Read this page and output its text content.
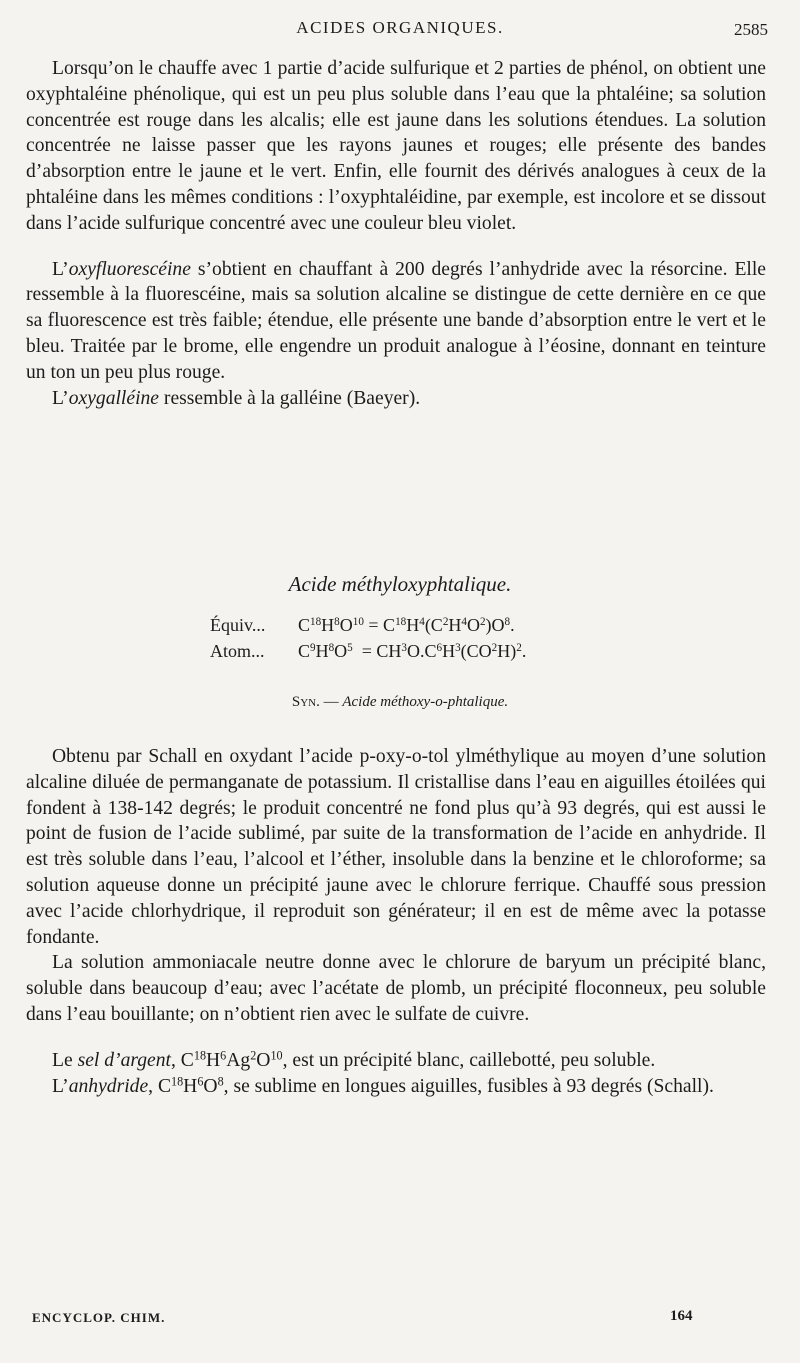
ACIDES ORGANIQUES.	2585

Lorsqu’on le chauffe avec 1 partie d’acide sulfurique et 2 parties de phénol, on obtient une oxyphtaléine phénolique, qui est un peu plus soluble dans l’eau que la phtaléine; sa solution concentrée est rouge dans les alcalis; elle est jaune dans les solutions étendues. La solution concentrée ne laisse passer que les rayons jaunes et rouges; elle présente des bandes d’absorption entre le jaune et le vert. Enfin, elle fournit des dérivés analogues à ceux de la phtaléine dans les mêmes conditions : l’oxyphtaléidine, par exemple, est incolore et se dissout dans l’acide sulfurique concentré avec une couleur bleu violet.

L’oxyfluorescéine s’obtient en chauffant à 200 degrés l’anhydride avec la résorcine. Elle ressemble à la fluorescéine, mais sa solution alcaline se distingue de cette dernière en ce que sa fluorescence est très faible; étendue, elle présente une bande d’absorption entre le vert et le bleu. Traitée par le brome, elle engendre un produit analogue à l’éosine, donnant en teinture un ton un peu plus rouge.

L’oxygalléine ressemble à la galléine (Baeyer).

Acide méthyloxyphtalique.
Équiv... $C^{18}H^8O^{10} = C^{18}H^4(C^2H^4O^2)O^8$.
Atom... $C^9H^8O^5 = CH^3O.C^6H^3(CO^2H)^2$.
Syn. — Acide méthoxy-o-phtalique.

Obtenu par Schall en oxydant l’acide p-oxy-o-tol ylméthylique au moyen d’une solution alcaline diluée de permanganate de potassium. Il cristallise dans l’eau en aiguilles étoilées qui fondent à 138-142 degrés; le produit concentré ne fond plus qu’à 93 degrés, qui est aussi le point de fusion de l’acide sublimé, par suite de la transformation de l’acide en anhydride. Il est très soluble dans l’eau, l’alcool et l’éther, insoluble dans la benzine et le chloroforme; sa solution aqueuse donne un précipité jaune avec le chlorure ferrique. Chauffé sous pression avec l’acide chlorhydrique, il reproduit son générateur; il en est de même avec la potasse fondante.

La solution ammoniacale neutre donne avec le chlorure de baryum un précipité blanc, soluble dans beaucoup d’eau; avec l’acétate de plomb, un précipité floconneux, peu soluble dans l’eau bouillante; on n’obtient rien avec le sulfate de cuivre.

Le sel d’argent, $C^{18}H^6Ag^2O^{10}$, est un précipité blanc, caillebotté, peu soluble.

L’anhydride, $C^{18}H^6O^8$, se sublime en longues aiguilles, fusibles à 93 degrés (Schall).

ENCYCLOP. CHIM.	164
